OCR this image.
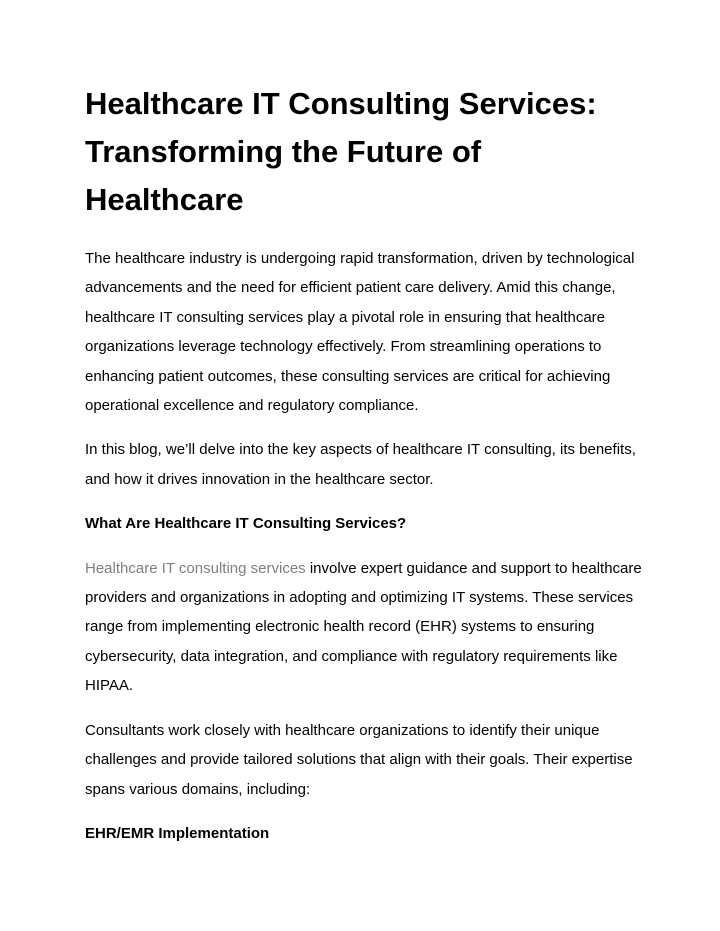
Healthcare IT Consulting Services: Transforming the Future of Healthcare

The healthcare industry is undergoing rapid transformation, driven by technological advancements and the need for efficient patient care delivery. Amid this change, healthcare IT consulting services play a pivotal role in ensuring that healthcare organizations leverage technology effectively. From streamlining operations to enhancing patient outcomes, these consulting services are critical for achieving operational excellence and regulatory compliance.

In this blog, we’ll delve into the key aspects of healthcare IT consulting, its benefits, and how it drives innovation in the healthcare sector.

What Are Healthcare IT Consulting Services?

Healthcare IT consulting services involve expert guidance and support to healthcare providers and organizations in adopting and optimizing IT systems. These services range from implementing electronic health record (EHR) systems to ensuring cybersecurity, data integration, and compliance with regulatory requirements like HIPAA.

Consultants work closely with healthcare organizations to identify their unique challenges and provide tailored solutions that align with their goals. Their expertise spans various domains, including:

EHR/EMR Implementation
